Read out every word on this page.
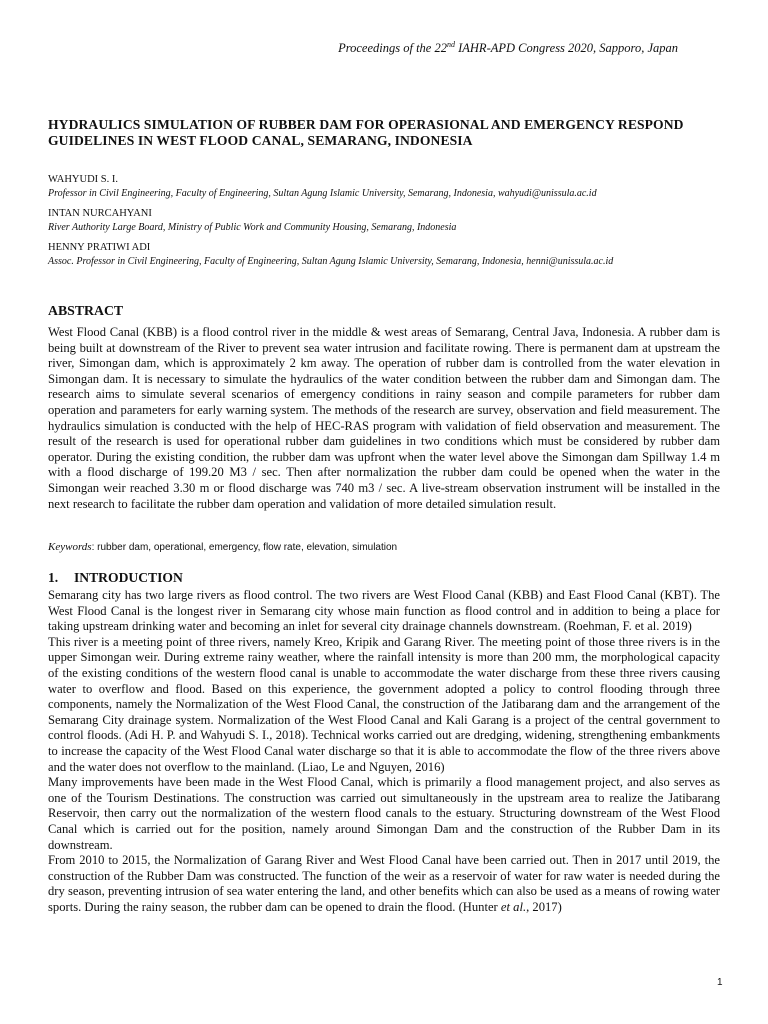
Proceedings of the 22nd IAHR-APD Congress 2020, Sapporo, Japan
HYDRAULICS SIMULATION OF RUBBER DAM FOR OPERASIONAL AND EMERGENCY RESPOND GUIDELINES IN WEST FLOOD CANAL, SEMARANG, INDONESIA
WAHYUDI S. I.
Professor in Civil Engineering, Faculty of Engineering, Sultan Agung Islamic University, Semarang, Indonesia, wahyudi@unissula.ac.id
INTAN NURCAHYANI
River Authority Large Board, Ministry of Public Work and Community Housing, Semarang, Indonesia
HENNY PRATIWI ADI
Assoc. Professor in Civil Engineering, Faculty of Engineering, Sultan Agung Islamic University, Semarang, Indonesia, henni@unissula.ac.id
ABSTRACT

West Flood Canal (KBB) is a flood control river in the middle & west areas of Semarang, Central Java, Indonesia. A rubber dam is being built at downstream of the River to prevent sea water intrusion and facilitate rowing. There is permanent dam at upstream the river, Simongan dam, which is approximately 2 km away. The operation of rubber dam is controlled from the water elevation in Simongan dam. It is necessary to simulate the hydraulics of the water condition between the rubber dam and Simongan dam. The research aims to simulate several scenarios of emergency conditions in rainy season and compile parameters for rubber dam operation and parameters for early warning system. The methods of the research are survey, observation and field measurement. The hydraulics simulation is conducted with the help of HEC-RAS program with validation of field observation and measurement. The result of the research is used for operational rubber dam guidelines in two conditions which must be considered by rubber dam operator. During the existing condition, the rubber dam was upfront when the water level above the Simongan dam Spillway 1.4 m with a flood discharge of 199.20 M3 / sec. Then after normalization the rubber dam could be opened when the water in the Simongan weir reached 3.30 m or flood discharge was 740 m3 / sec. A live-stream observation instrument will be installed in the next research to facilitate the rubber dam operation and validation of more detailed simulation result.

Keywords: rubber dam, operational, emergency, flow rate, elevation, simulation

1. INTRODUCTION

Semarang city has two large rivers as flood control. The two rivers are West Flood Canal (KBB) and East Flood Canal (KBT). The West Flood Canal is the longest river in Semarang city whose main function as flood control and in addition to being a place for taking upstream drinking water and becoming an inlet for several city drainage channels downstream. (Roehman, F. et al. 2019)

This river is a meeting point of three rivers, namely Kreo, Kripik and Garang River. The meeting point of those three rivers is in the upper Simongan weir. During extreme rainy weather, where the rainfall intensity is more than 200 mm, the morphological capacity of the existing conditions of the western flood canal is unable to accommodate the water discharge from these three rivers causing water to overflow and flood. Based on this experience, the government adopted a policy to control flooding through three components, namely the Normalization of the West Flood Canal, the construction of the Jatibarang dam and the arrangement of the Semarang City drainage system. Normalization of the West Flood Canal and Kali Garang is a project of the central government to control floods. (Adi H. P. and Wahyudi S. I., 2018). Technical works carried out are dredging, widening, strengthening embankments to increase the capacity of the West Flood Canal water discharge so that it is able to accommodate the flow of the three rivers above and the water does not overflow to the mainland. (Liao, Le and Nguyen, 2016)

Many improvements have been made in the West Flood Canal, which is primarily a flood management project, and also serves as one of the Tourism Destinations. The construction was carried out simultaneously in the upstream area to realize the Jatibarang Reservoir, then carry out the normalization of the western flood canals to the estuary. Structuring downstream of the West Flood Canal which is carried out for the position, namely around Simongan Dam and the construction of the Rubber Dam in its downstream.

From 2010 to 2015, the Normalization of Garang River and West Flood Canal have been carried out. Then in 2017 until 2019, the construction of the Rubber Dam was constructed. The function of the weir as a reservoir of water for raw water is needed during the dry season, preventing intrusion of sea water entering the land, and other benefits which can also be used as a means of rowing water sports. During the rainy season, the rubber dam can be opened to drain the flood. (Hunter et al., 2017)

1
